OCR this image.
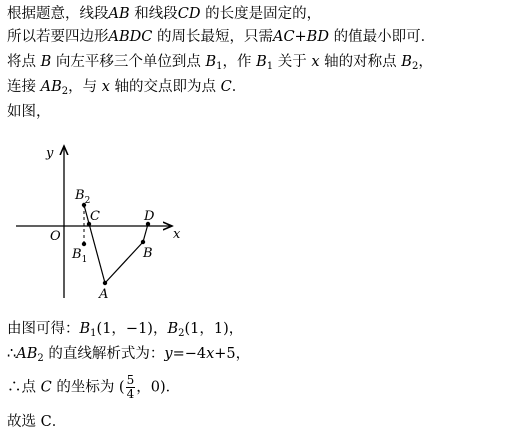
根据题意，线段AB 和线段CD 的长度是固定的，
所以若要四边形ABDC 的周长最短，只需AC+BD 的值最小即可．
将点 B 向左平移三个单位到点 $B_1$，作 $B_1$ 关于 x 轴的对称点 $B_2$，
连接 $AB_2$，与 x 轴的交点即为点 C．
如图，
y
x
O
$B_2$
C	D
$B_1$	B
A
由图可得：$B_1(1$，−1)，$B_2(1$，1)，
$\therefore AB_2$ 的直线解析式为：y=−4x+5，
∴点 C 的坐标为 ( $\frac{5}{4}$ ，0)．
故选 C．
